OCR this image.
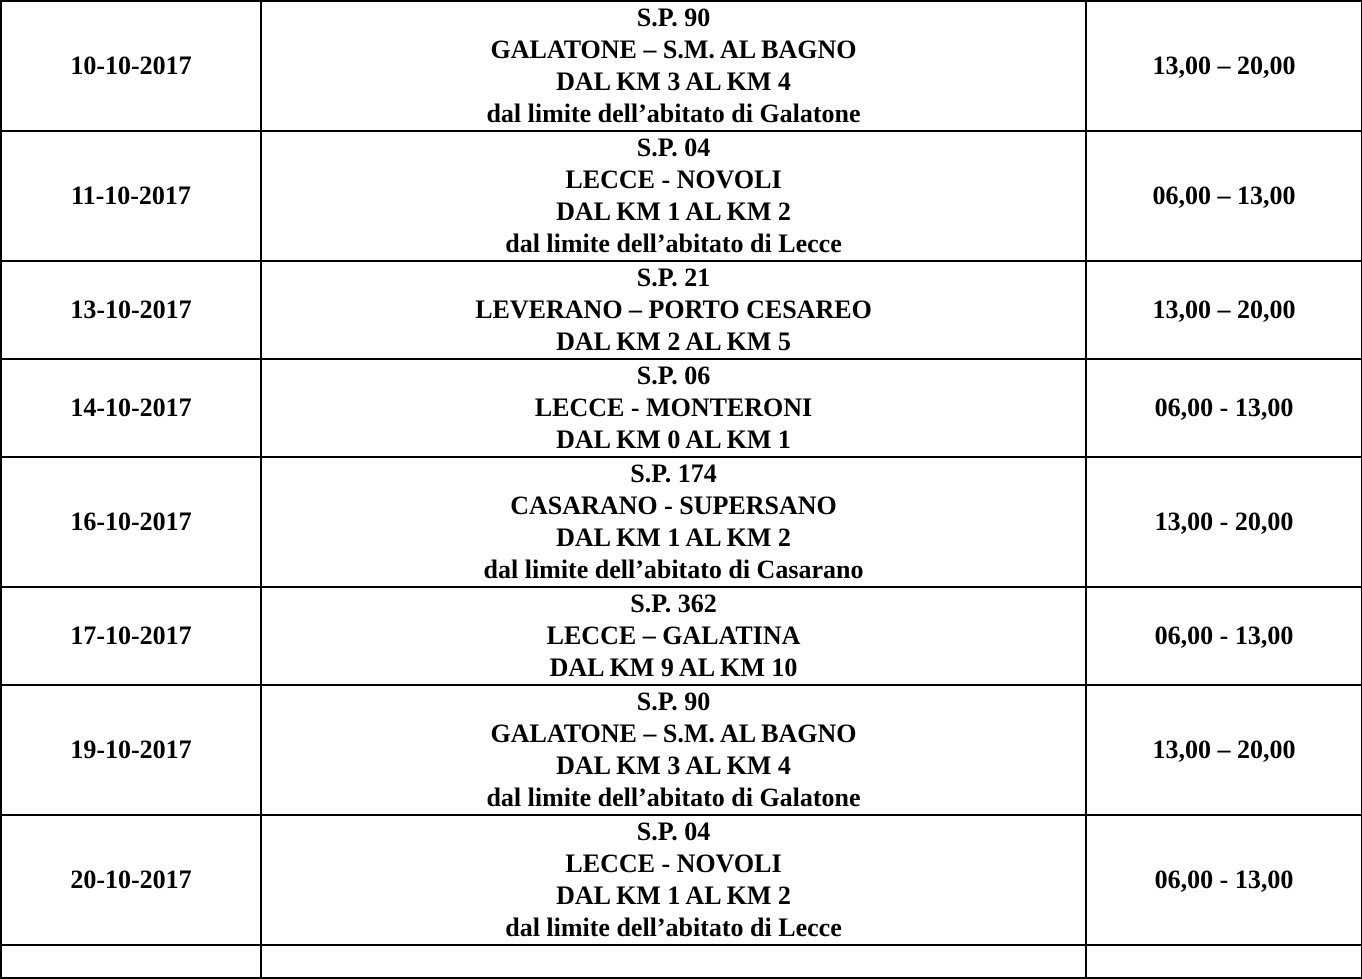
10-10-2017	S.P. 90
GALATONE – S.M. AL BAGNO
DAL KM 3 AL KM 4
dal limite dell’abitato di Galatone	13,00 – 20,00
11-10-2017	S.P. 04
LECCE - NOVOLI
DAL KM 1 AL KM 2
dal limite dell’abitato di Lecce	06,00 – 13,00
13-10-2017	S.P. 21
LEVERANO – PORTO CESAREO
DAL KM 2 AL KM 5	13,00 – 20,00
14-10-2017	S.P. 06
LECCE - MONTERONI
DAL KM 0 AL KM 1	06,00 - 13,00
16-10-2017	S.P. 174
CASARANO - SUPERSANO
DAL KM 1 AL KM 2
dal limite dell’abitato di Casarano	13,00 - 20,00
17-10-2017	S.P. 362
LECCE – GALATINA
DAL KM 9 AL KM 10	06,00 - 13,00
19-10-2017	S.P. 90
GALATONE – S.M. AL BAGNO
DAL KM 3 AL KM 4
dal limite dell’abitato di Galatone	13,00 – 20,00
20-10-2017	S.P. 04
LECCE - NOVOLI
DAL KM 1 AL KM 2
dal limite dell’abitato di Lecce	06,00 - 13,00
